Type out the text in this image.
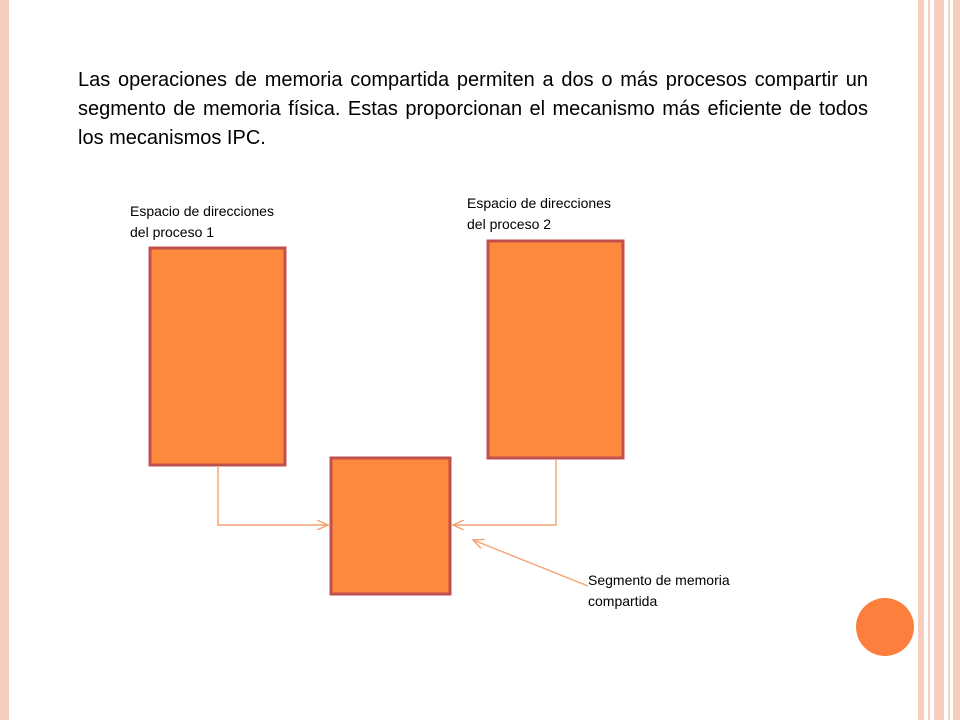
Las operaciones de memoria compartida permiten a dos o más procesos compartir un segmento de memoria física. Estas proporcionan el mecanismo más eficiente de todos los mecanismos IPC.

Espacio de direcciones
del proceso 1
Espacio de direcciones
del proceso 2
Segmento de memoria
compartida
